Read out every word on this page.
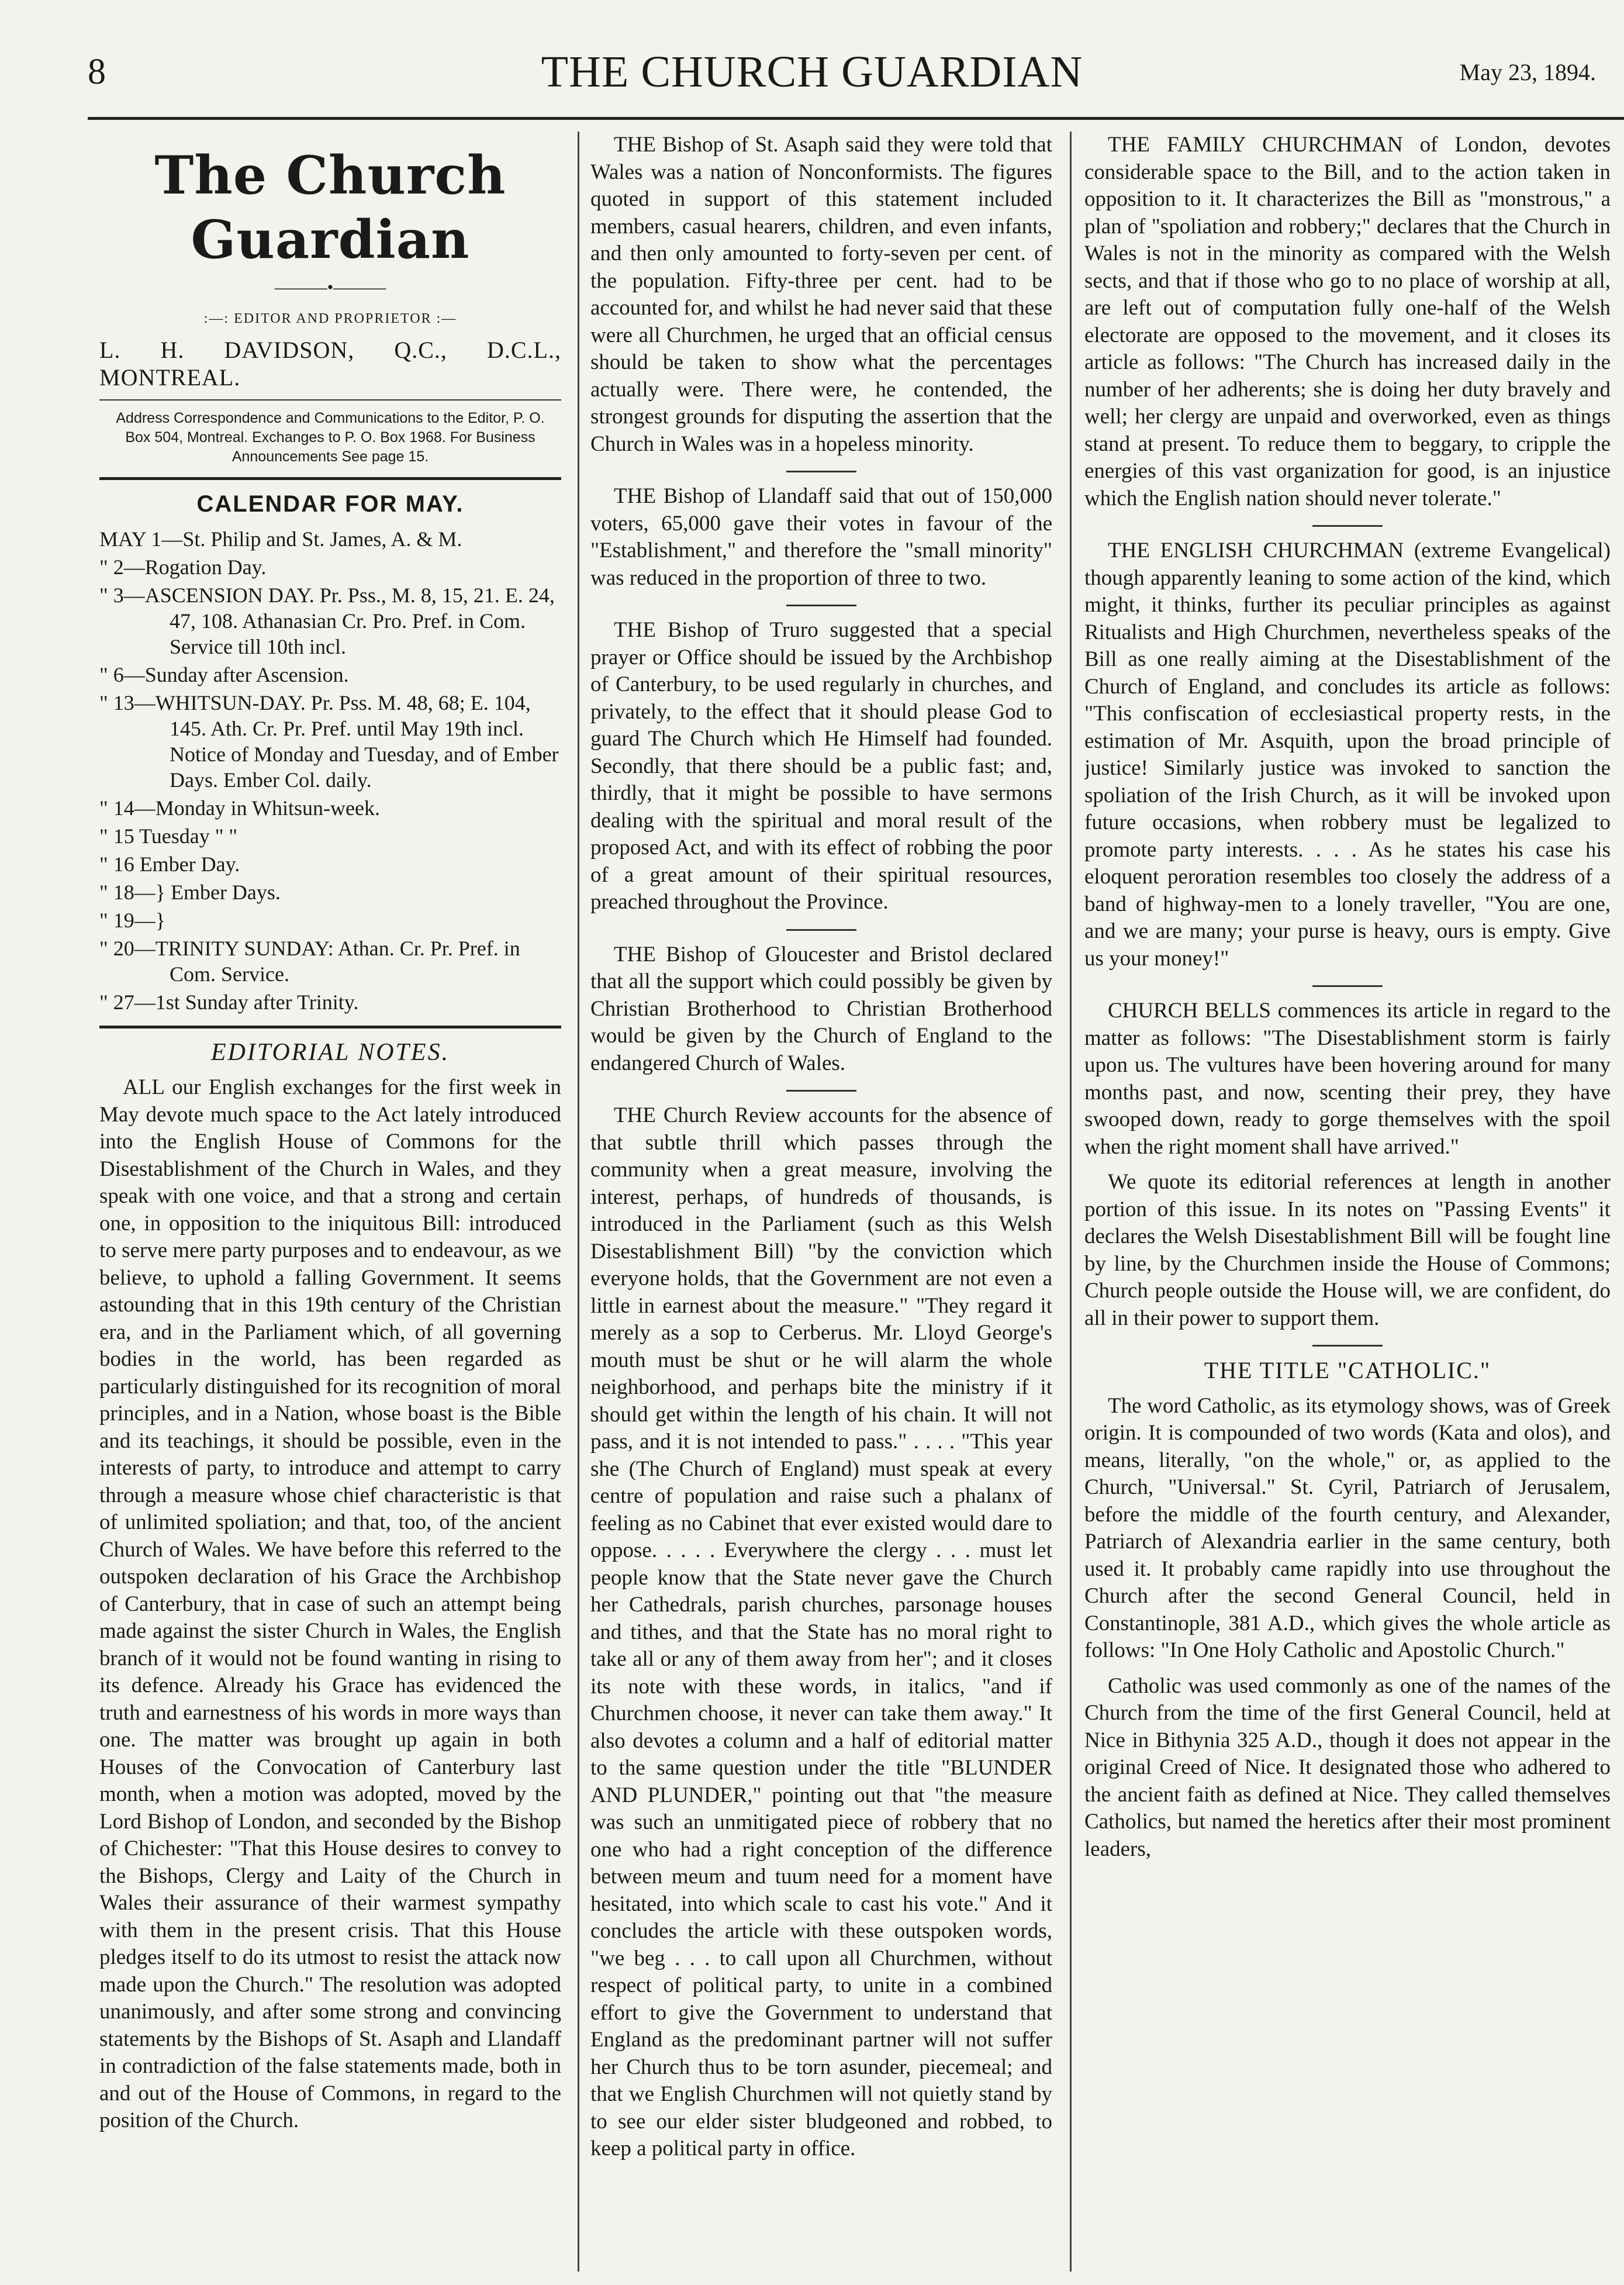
8	THE CHURCH GUARDIAN	May 23, 1894.
The Church Guardian
———•———
:—: EDITOR AND PROPRIETOR :—
L. H. DAVIDSON, Q.C., D.C.L., MONTREAL.
Address Correspondence and Communications to the Editor, P. O. Box 504, Montreal. Exchanges to P. O. Box 1968. For Business Announcements See page 15.
CALENDAR FOR MAY.
MAY 1—St. Philip and St. James, A. & M.
" 2—Rogation Day.
" 3—ASCENSION DAY. Pr. Pss., M. 8, 15, 21. E. 24, 47, 108. Athanasian Cr. Pro. Pref. in Com. Service till 10th incl.
" 6—Sunday after Ascension.
" 13—WHITSUN-DAY. Pr. Pss. M. 48, 68; E. 104, 145. Ath. Cr. Pr. Pref. until May 19th incl. Notice of Monday and Tuesday, and of Ember Days. Ember Col. daily.
" 14—Monday in Whitsun-week.
" 15 Tuesday " "
" 16 Ember Day.
" 18—} Ember Days.
" 19—}
" 20—TRINITY SUNDAY: Athan. Cr. Pr. Pref. in Com. Service.
" 27—1st Sunday after Trinity.
EDITORIAL NOTES.

ALL our English exchanges for the first week in May devote much space to the Act lately introduced into the English House of Commons for the Disestablishment of the Church in Wales, and they speak with one voice, and that a strong and certain one, in opposition to the iniquitous Bill: introduced to serve mere party purposes and to endeavour, as we believe, to uphold a falling Government. It seems astounding that in this 19th century of the Christian era, and in the Parliament which, of all governing bodies in the world, has been regarded as particularly distinguished for its recognition of moral principles, and in a Nation, whose boast is the Bible and its teachings, it should be possible, even in the interests of party, to introduce and attempt to carry through a measure whose chief characteristic is that of unlimited spoliation; and that, too, of the ancient Church of Wales. We have before this referred to the outspoken declaration of his Grace the Archbishop of Canterbury, that in case of such an attempt being made against the sister Church in Wales, the English branch of it would not be found wanting in rising to its defence. Already his Grace has evidenced the truth and earnestness of his words in more ways than one. The matter was brought up again in both Houses of the Convocation of Canterbury last month, when a motion was adopted, moved by the Lord Bishop of London, and seconded by the Bishop of Chichester: "That this House desires to convey to the Bishops, Clergy and Laity of the Church in Wales their assurance of their warmest sympathy with them in the present crisis. That this House pledges itself to do its utmost to resist the attack now made upon the Church." The resolution was adopted unanimously, and after some strong and convincing statements by the Bishops of St. Asaph and Llandaff in contradiction of the false statements made, both in and out of the House of Commons, in regard to the position of the Church.

THE Bishop of St. Asaph said they were told that Wales was a nation of Nonconformists. The figures quoted in support of this statement included members, casual hearers, children, and even infants, and then only amounted to forty-seven per cent. of the population. Fifty-three per cent. had to be accounted for, and whilst he had never said that these were all Churchmen, he urged that an official census should be taken to show what the percentages actually were. There were, he contended, the strongest grounds for disputing the assertion that the Church in Wales was in a hopeless minority.

THE Bishop of Llandaff said that out of 150,000 voters, 65,000 gave their votes in favour of the "Establishment," and therefore the "small minority" was reduced in the proportion of three to two.

THE Bishop of Truro suggested that a special prayer or Office should be issued by the Archbishop of Canterbury, to be used regularly in churches, and privately, to the effect that it should please God to guard The Church which He Himself had founded. Secondly, that there should be a public fast; and, thirdly, that it might be possible to have sermons dealing with the spiritual and moral result of the proposed Act, and with its effect of robbing the poor of a great amount of their spiritual resources, preached throughout the Province.

THE Bishop of Gloucester and Bristol declared that all the support which could possibly be given by Christian Brotherhood to Christian Brotherhood would be given by the Church of England to the endangered Church of Wales.

THE Church Review accounts for the absence of that subtle thrill which passes through the community when a great measure, involving the interest, perhaps, of hundreds of thousands, is introduced in the Parliament (such as this Welsh Disestablishment Bill) "by the conviction which everyone holds, that the Government are not even a little in earnest about the measure." "They regard it merely as a sop to Cerberus. Mr. Lloyd George's mouth must be shut or he will alarm the whole neighborhood, and perhaps bite the ministry if it should get within the length of his chain. It will not pass, and it is not intended to pass." . . . . "This year she (The Church of England) must speak at every centre of population and raise such a phalanx of feeling as no Cabinet that ever existed would dare to oppose. . . . . Everywhere the clergy . . . must let people know that the State never gave the Church her Cathedrals, parish churches, parsonage houses and tithes, and that the State has no moral right to take all or any of them away from her"; and it closes its note with these words, in italics, "and if Churchmen choose, it never can take them away." It also devotes a column and a half of editorial matter to the same question under the title "BLUNDER AND PLUNDER," pointing out that "the measure was such an unmitigated piece of robbery that no one who had a right conception of the difference between meum and tuum need for a moment have hesitated, into which scale to cast his vote." And it concludes the article with these outspoken words, "we beg . . . to call upon all Churchmen, without respect of political party, to unite in a combined effort to give the Government to understand that England as the predominant partner will not suffer her Church thus to be torn asunder, piecemeal; and that we English Churchmen will not quietly stand by to see our elder sister bludgeoned and robbed, to keep a political party in office.

THE FAMILY CHURCHMAN of London, devotes considerable space to the Bill, and to the action taken in opposition to it. It characterizes the Bill as "monstrous," a plan of "spoliation and robbery;" declares that the Church in Wales is not in the minority as compared with the Welsh sects, and that if those who go to no place of worship at all, are left out of computation fully one-half of the Welsh electorate are opposed to the movement, and it closes its article as follows: "The Church has increased daily in the number of her adherents; she is doing her duty bravely and well; her clergy are unpaid and overworked, even as things stand at present. To reduce them to beggary, to cripple the energies of this vast organization for good, is an injustice which the English nation should never tolerate."

THE ENGLISH CHURCHMAN (extreme Evangelical) though apparently leaning to some action of the kind, which might, it thinks, further its peculiar principles as against Ritualists and High Churchmen, nevertheless speaks of the Bill as one really aiming at the Disestablishment of the Church of England, and concludes its article as follows: "This confiscation of ecclesiastical property rests, in the estimation of Mr. Asquith, upon the broad principle of justice! Similarly justice was invoked to sanction the spoliation of the Irish Church, as it will be invoked upon future occasions, when robbery must be legalized to promote party interests. . . . As he states his case his eloquent peroration resembles too closely the address of a band of highway-men to a lonely traveller, "You are one, and we are many; your purse is heavy, ours is empty. Give us your money!"

CHURCH BELLS commences its article in regard to the matter as follows: "The Disestablishment storm is fairly upon us. The vultures have been hovering around for many months past, and now, scenting their prey, they have swooped down, ready to gorge themselves with the spoil when the right moment shall have arrived."

We quote its editorial references at length in another portion of this issue. In its notes on "Passing Events" it declares the Welsh Disestablishment Bill will be fought line by line, by the Churchmen inside the House of Commons; Church people outside the House will, we are confident, do all in their power to support them.

THE TITLE "CATHOLIC."

The word Catholic, as its etymology shows, was of Greek origin. It is compounded of two words (Kata and olos), and means, literally, "on the whole," or, as applied to the Church, "Universal." St. Cyril, Patriarch of Jerusalem, before the middle of the fourth century, and Alexander, Patriarch of Alexandria earlier in the same century, both used it. It probably came rapidly into use throughout the Church after the second General Council, held in Constantinople, 381 A.D., which gives the whole article as follows: "In One Holy Catholic and Apostolic Church."

Catholic was used commonly as one of the names of the Church from the time of the first General Council, held at Nice in Bithynia 325 A.D., though it does not appear in the original Creed of Nice. It designated those who adhered to the ancient faith as defined at Nice. They called themselves Catholics, but named the heretics after their most prominent leaders,
